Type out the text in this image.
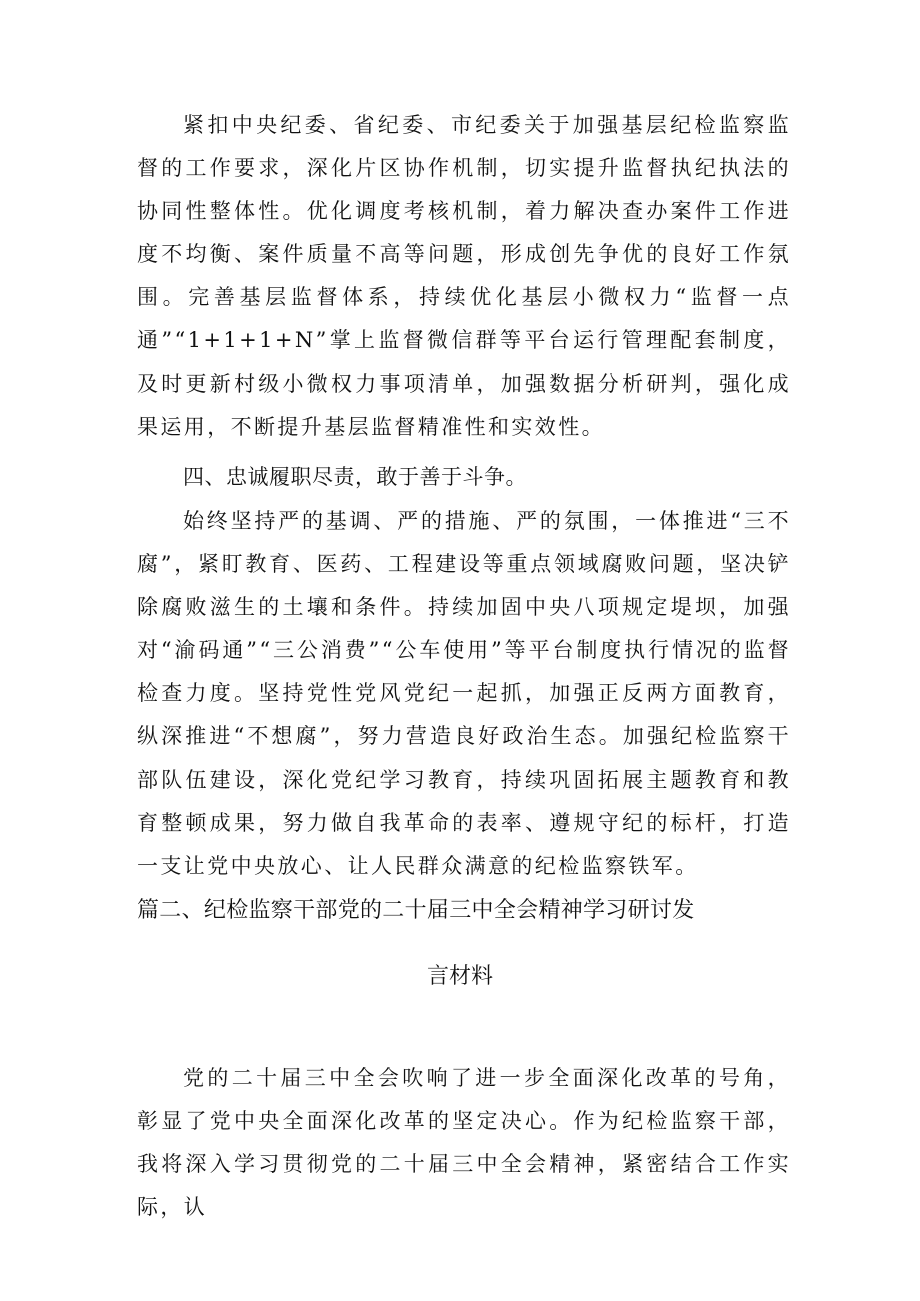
紧扣中央纪委、省纪委、市纪委关于加强基层纪检监察监督的工作要求，深化片区协作机制，切实提升监督执纪执法的协同性整体性。优化调度考核机制，着力解决查办案件工作进度不均衡、案件质量不高等问题，形成创先争优的良好工作氛围。完善基层监督体系，持续优化基层小微权力“监督一点通”“1+1+1+N”掌上监督微信群等平台运行管理配套制度，及时更新村级小微权力事项清单，加强数据分析研判，强化成果运用，不断提升基层监督精准性和实效性。

四、忠诚履职尽责，敢于善于斗争。

始终坚持严的基调、严的措施、严的氛围，一体推进“三不腐”，紧盯教育、医药、工程建设等重点领域腐败问题，坚决铲除腐败滋生的土壤和条件。持续加固中央八项规定堤坝，加强对“渝码通”“三公消费”“公车使用”等平台制度执行情况的监督检查力度。坚持党性党风党纪一起抓，加强正反两方面教育，纵深推进“不想腐”，努力营造良好政治生态。加强纪检监察干部队伍建设，深化党纪学习教育，持续巩固拓展主题教育和教育整顿成果，努力做自我革命的表率、遵规守纪的标杆，打造一支让党中央放心、让人民群众满意的纪检监察铁军。

篇二、纪检监察干部党的二十届三中全会精神学习研讨发

言材料

党的二十届三中全会吹响了进一步全面深化改革的号角，彰显了党中央全面深化改革的坚定决心。作为纪检监察干部，我将深入学习贯彻党的二十届三中全会精神，紧密结合工作实际，认
